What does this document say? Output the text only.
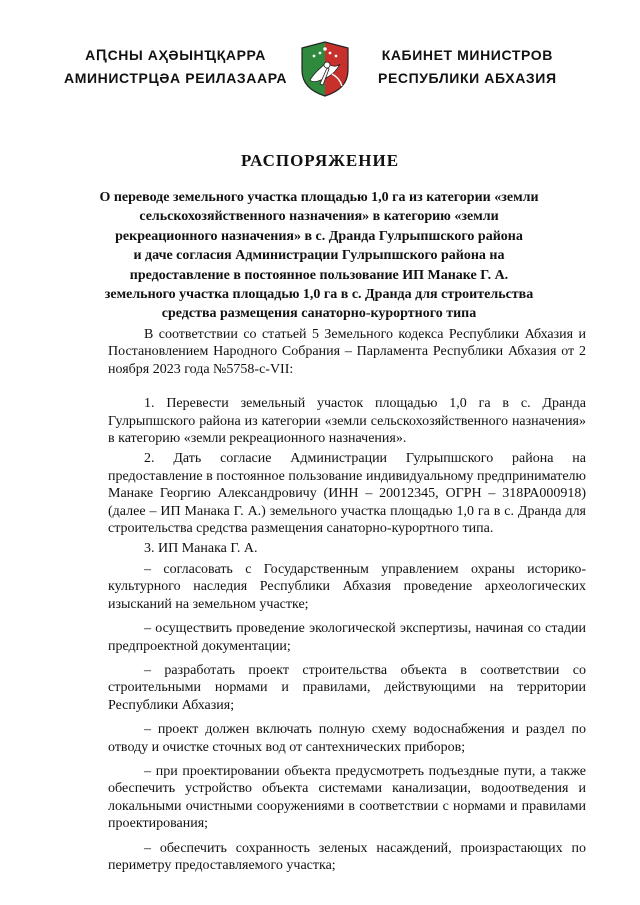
АԤСНЫ АҲӘЫНҴҚАРРА
АМИНИСТРЦӘА РЕИЛАЗААРА
КАБИНЕТ МИНИСТРОВ
РЕСПУБЛИКИ АБХАЗИЯ
РАСПОРЯЖЕНИЕ
О переводе земельного участка площадью 1,0 га из категории «земли
сельскохозяйственного назначения» в категорию «земли
рекреационного назначения» в с. Дранда Гулрыпшского района
и даче согласия Администрации Гулрыпшского района на
предоставление в постоянное пользование ИП Манаке Г. А.
земельного участка площадью 1,0 га в с. Дранда для строительства
средства размещения санаторно-курортного типа

В соответствии со статьей 5 Земельного кодекса Республики Абхазия и Постановлением Народного Собрания – Парламента Республики Абхазия от 2 ноября 2023 года №5758-с-VII:

1. Перевести земельный участок площадью 1,0 га в с. Дранда Гулрыпшского района из категории «земли сельскохозяйственного назначения» в категорию «земли рекреационного назначения».

2. Дать согласие Администрации Гулрыпшского района на предоставление в постоянное пользование индивидуальному предпринимателю Манаке Георгию Александровичу (ИНН – 20012345, ОГРН – 318РА000918) (далее – ИП Манака Г. А.) земельного участка площадью 1,0 га в с. Дранда для строительства средства размещения санаторно-курортного типа.

3. ИП Манака Г. А.

– согласовать с Государственным управлением охраны историко-культурного наследия Республики Абхазия проведение археологических изысканий на земельном участке;

– осуществить проведение экологической экспертизы, начиная со стадии предпроектной документации;

– разработать проект строительства объекта в соответствии со строительными нормами и правилами, действующими на территории Республики Абхазия;

– проект должен включать полную схему водоснабжения и раздел по отводу и очистке сточных вод от сантехнических приборов;

– при проектировании объекта предусмотреть подъездные пути, а также обеспечить устройство объекта системами канализации, водоотведения и локальными очистными сооружениями в соответствии с нормами и правилами проектирования;

– обеспечить сохранность зеленых насаждений, произрастающих по периметру предоставляемого участка;
